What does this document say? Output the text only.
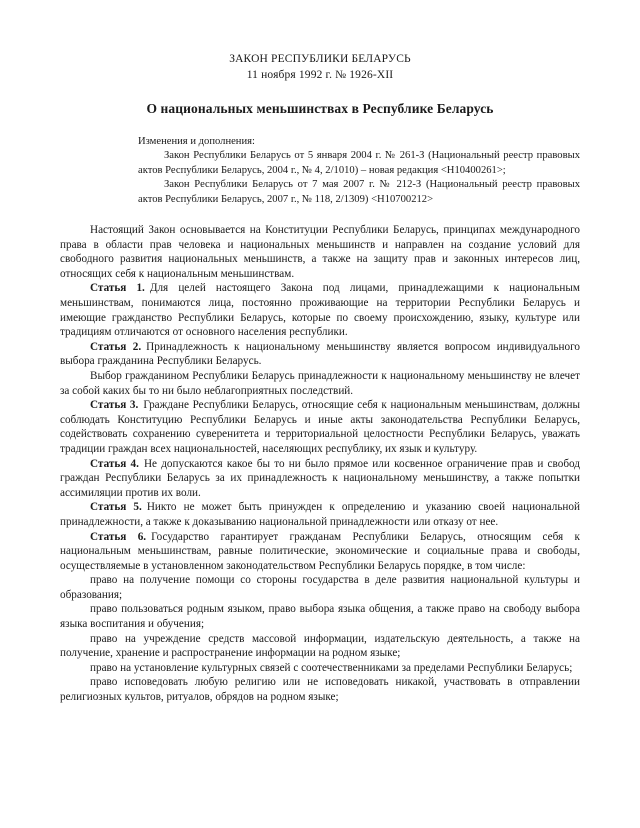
ЗАКОН РЕСПУБЛИКИ БЕЛАРУСЬ
11 ноября 1992 г. № 1926-XII
О национальных меньшинствах в Республике Беларусь

Изменения и дополнения:

Закон Республики Беларусь от 5 января 2004 г. № 261-З (Национальный реестр правовых актов Республики Беларусь, 2004 г., № 4, 2/1010) – новая редакция <H10400261>;

Закон Республики Беларусь от 7 мая 2007 г. № 212-З (Национальный реестр правовых актов Республики Беларусь, 2007 г., № 118, 2/1309) <H10700212>

Настоящий Закон основывается на Конституции Республики Беларусь, принципах международного права в области прав человека и национальных меньшинств и направлен на создание условий для свободного развития национальных меньшинств, а также на защиту прав и законных интересов лиц, относящих себя к национальным меньшинствам.

Статья 1. Для целей настоящего Закона под лицами, принадлежащими к национальным меньшинствам, понимаются лица, постоянно проживающие на территории Республики Беларусь и имеющие гражданство Республики Беларусь, которые по своему происхождению, языку, культуре или традициям отличаются от основного населения республики.

Статья 2. Принадлежность к национальному меньшинству является вопросом индивидуального выбора гражданина Республики Беларусь.

Выбор гражданином Республики Беларусь принадлежности к национальному меньшинству не влечет за собой каких бы то ни было неблагоприятных последствий.

Статья 3. Граждане Республики Беларусь, относящие себя к национальным меньшинствам, должны соблюдать Конституцию Республики Беларусь и иные акты законодательства Республики Беларусь, содействовать сохранению суверенитета и территориальной целостности Республики Беларусь, уважать традиции граждан всех национальностей, населяющих республику, их язык и культуру.

Статья 4. Не допускаются какое бы то ни было прямое или косвенное ограничение прав и свобод граждан Республики Беларусь за их принадлежность к национальному меньшинству, а также попытки ассимиляции против их воли.

Статья 5. Никто не может быть принужден к определению и указанию своей национальной принадлежности, а также к доказыванию национальной принадлежности или отказу от нее.

Статья 6. Государство гарантирует гражданам Республики Беларусь, относящим себя к национальным меньшинствам, равные политические, экономические и социальные права и свободы, осуществляемые в установленном законодательством Республики Беларусь порядке, в том числе:

право на получение помощи со стороны государства в деле развития национальной культуры и образования;

право пользоваться родным языком, право выбора языка общения, а также право на свободу выбора языка воспитания и обучения;

право на учреждение средств массовой информации, издательскую деятельность, а также на получение, хранение и распространение информации на родном языке;

право на установление культурных связей с соотечественниками за пределами Республики Беларусь;

право исповедовать любую религию или не исповедовать никакой, участвовать в отправлении религиозных культов, ритуалов, обрядов на родном языке;
